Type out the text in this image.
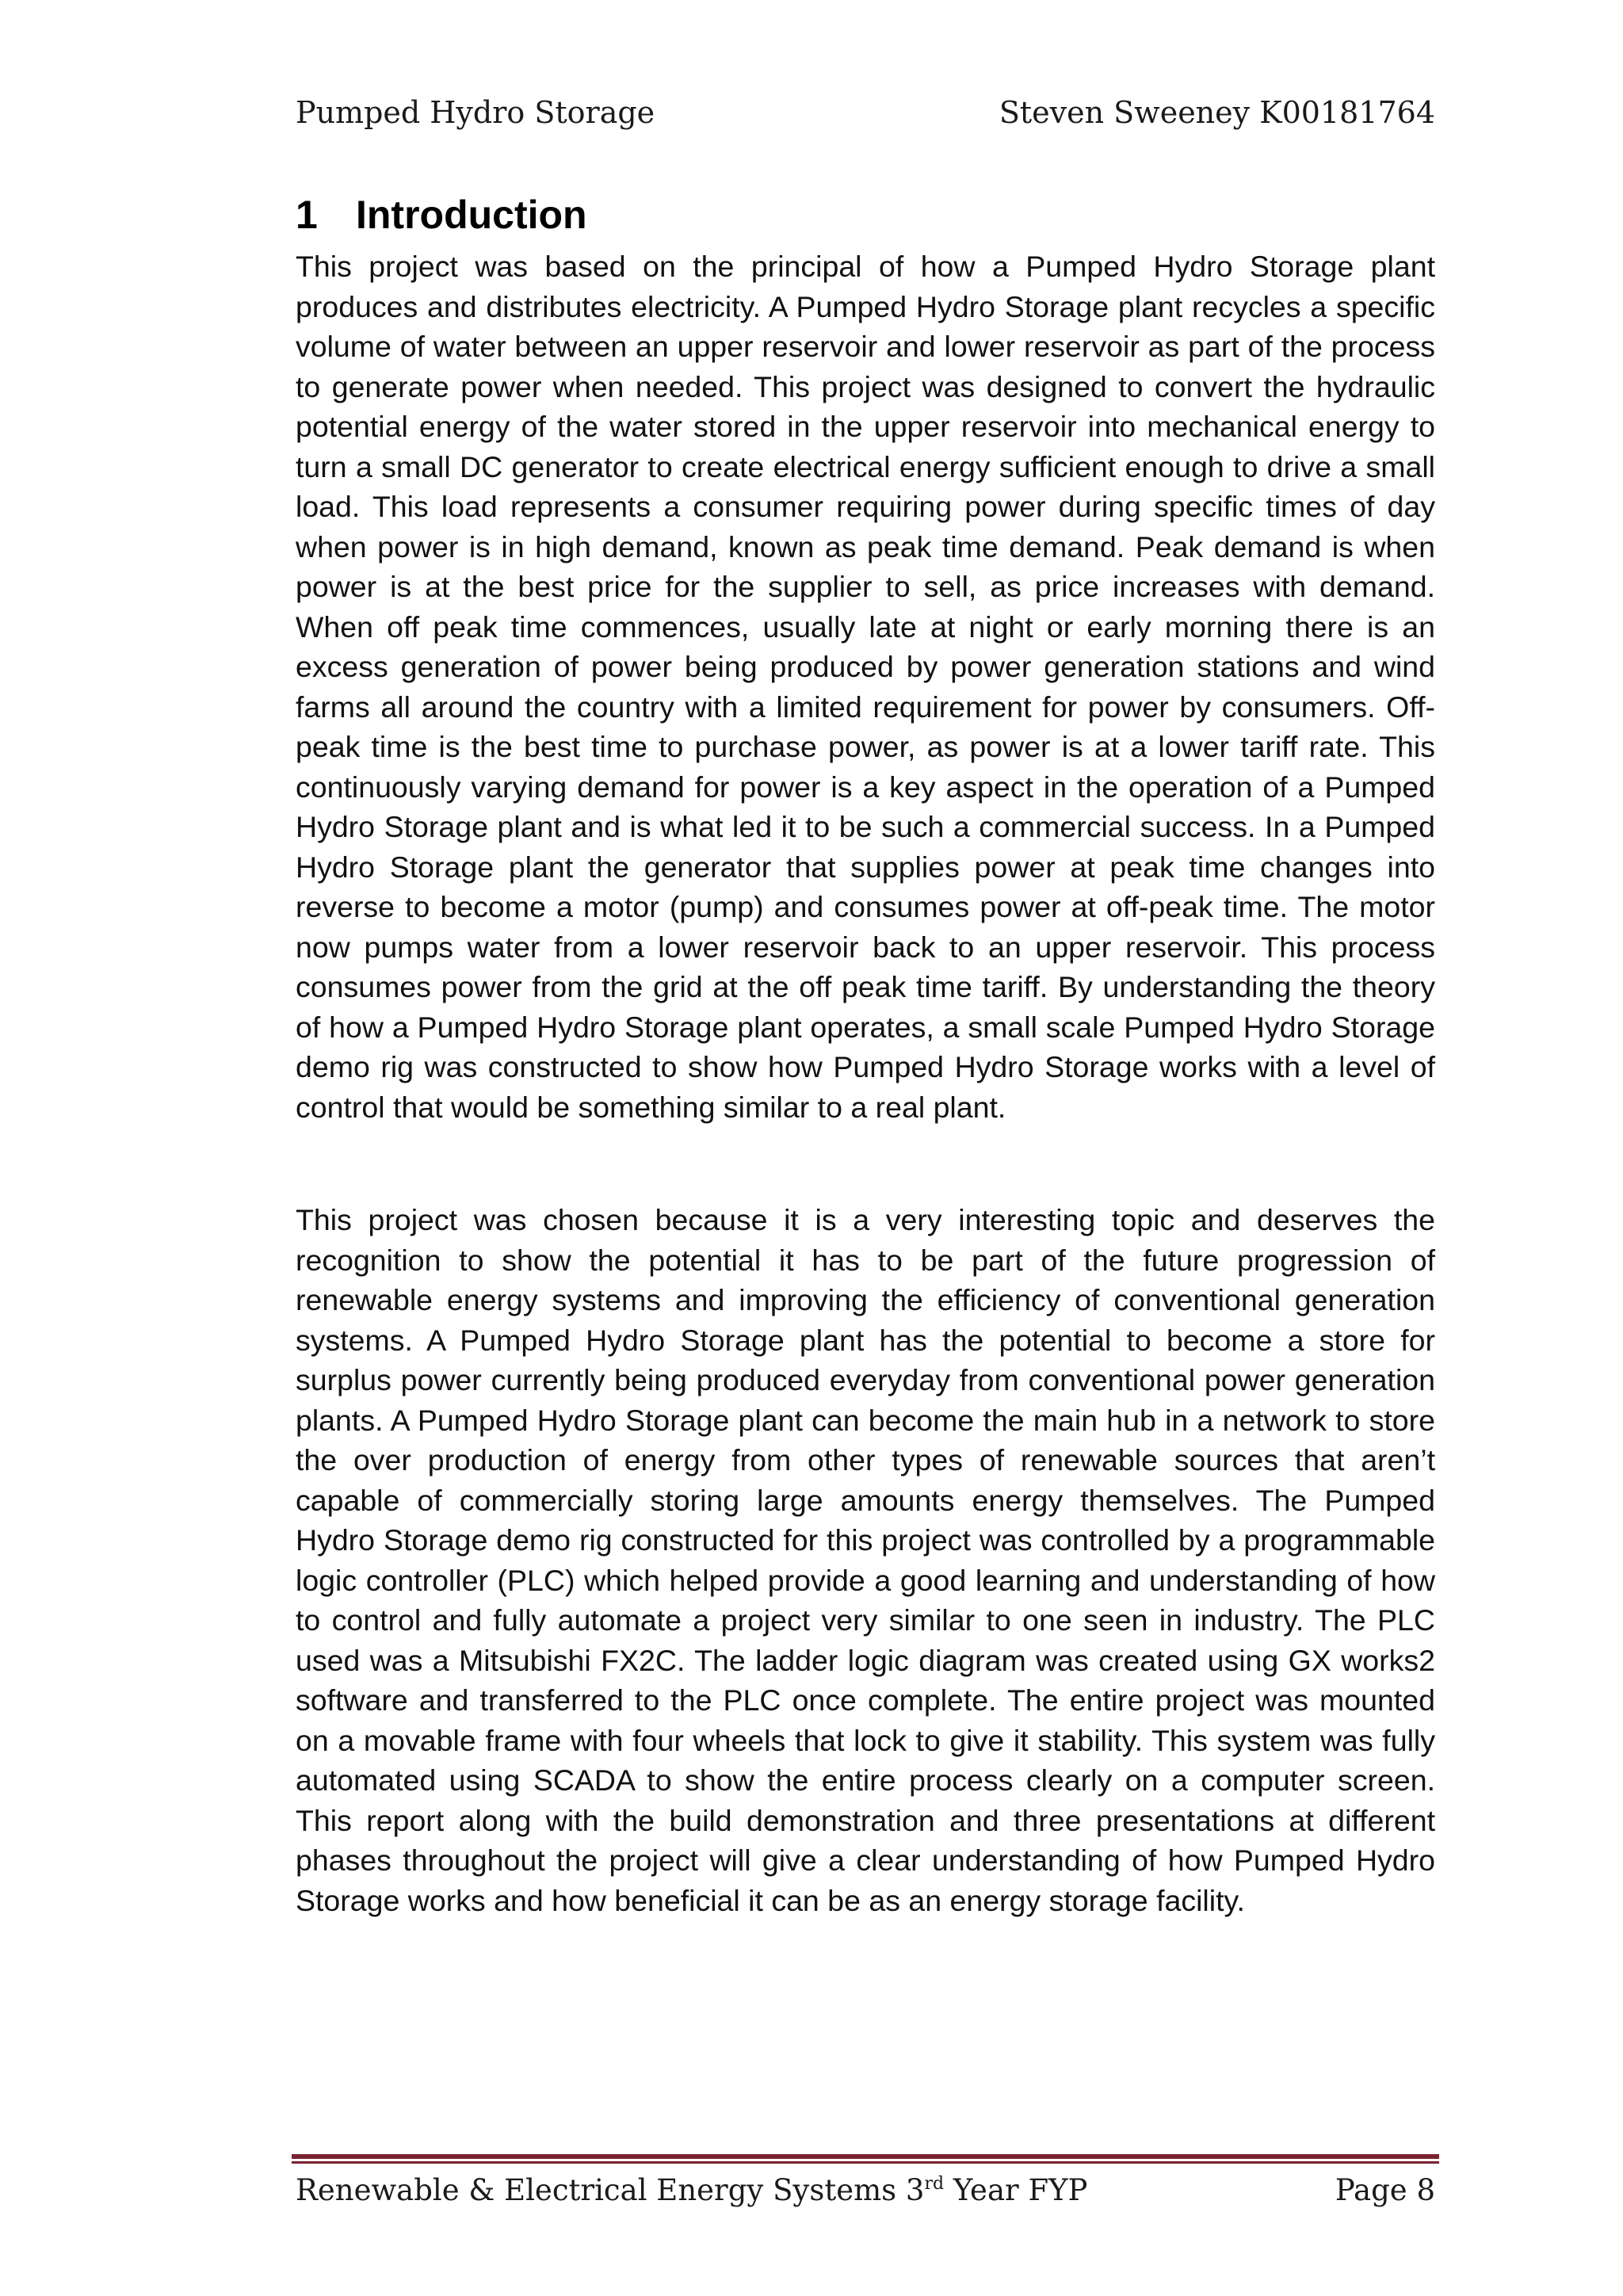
Pumped Hydro Storage	Steven Sweeney K00181764
1 Introduction

This project was based on the principal of how a Pumped Hydro Storage plant produces and distributes electricity. A Pumped Hydro Storage plant recycles a specific volume of water between an upper reservoir and lower reservoir as part of the process to generate power when needed. This project was designed to convert the hydraulic potential energy of the water stored in the upper reservoir into mechanical energy to turn a small DC generator to create electrical energy sufficient enough to drive a small load. This load represents a consumer requiring power during specific times of day when power is in high demand, known as peak time demand. Peak demand is when power is at the best price for the supplier to sell, as price increases with demand. When off peak time commences, usually late at night or early morning there is an excess generation of power being produced by power generation stations and wind farms all around the country with a limited requirement for power by consumers. Off-peak time is the best time to purchase power, as power is at a lower tariff rate. This continuously varying demand for power is a key aspect in the operation of a Pumped Hydro Storage plant and is what led it to be such a commercial success. In a Pumped Hydro Storage plant the generator that supplies power at peak time changes into reverse to become a motor (pump) and consumes power at off-peak time. The motor now pumps water from a lower reservoir back to an upper reservoir. This process consumes power from the grid at the off peak time tariff. By understanding the theory of how a Pumped Hydro Storage plant operates, a small scale Pumped Hydro Storage demo rig was constructed to show how Pumped Hydro Storage works with a level of control that would be something similar to a real plant.

This project was chosen because it is a very interesting topic and deserves the recognition to show the potential it has to be part of the future progression of renewable energy systems and improving the efficiency of conventional generation systems. A Pumped Hydro Storage plant has the potential to become a store for surplus power currently being produced everyday from conventional power generation plants. A Pumped Hydro Storage plant can become the main hub in a network to store the over production of energy from other types of renewable sources that aren’t capable of commercially storing large amounts energy themselves. The Pumped Hydro Storage demo rig constructed for this project was controlled by a programmable logic controller (PLC) which helped provide a good learning and understanding of how to control and fully automate a project very similar to one seen in industry. The PLC used was a Mitsubishi FX2C. The ladder logic diagram was created using GX works2 software and transferred to the PLC once complete. The entire project was mounted on a movable frame with four wheels that lock to give it stability. This system was fully automated using SCADA to show the entire process clearly on a computer screen. This report along with the build demonstration and three presentations at different phases throughout the project will give a clear understanding of how Pumped Hydro Storage works and how beneficial it can be as an energy storage facility.

Renewable & Electrical Energy Systems 3rd Year FYP	Page 8
